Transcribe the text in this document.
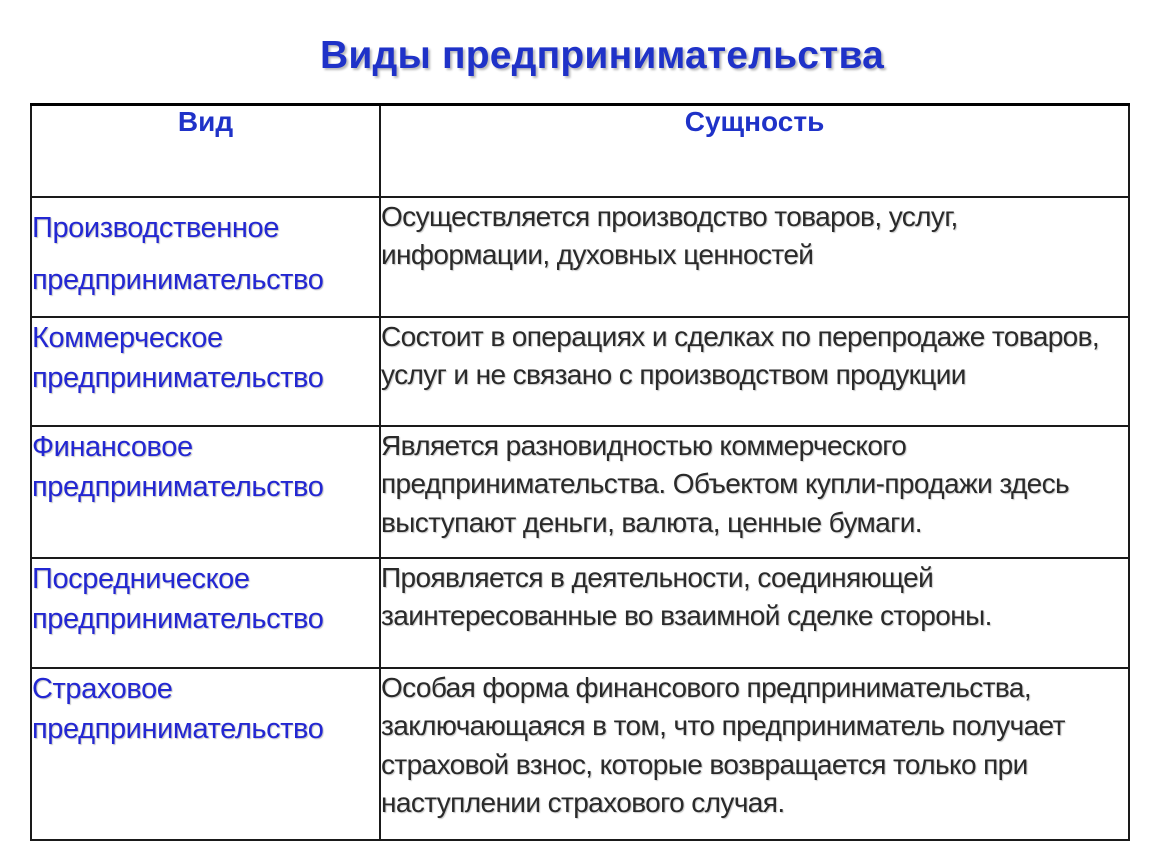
Виды предпринимательства
Вид	Сущность
Производственное предпринимательство	Осуществляется производство товаров, услуг, информации, духовных ценностей
Коммерческое предпринимательство	Состоит в операциях и сделках по перепродаже товаров, услуг и не связано с производством продукции
Финансовое предпринимательство	Является разновидностью коммерческого предпринимательства. Объектом купли-продажи здесь выступают деньги, валюта, ценные бумаги.
Посредническое предпринимательство	Проявляется в деятельности, соединяющей заинтересованные во взаимной сделке стороны.
Страховое предпринимательство	Особая форма финансового предпринимательства, заключающаяся в том, что предприниматель получает страховой взнос, которые возвращается только при наступлении страхового случая.
